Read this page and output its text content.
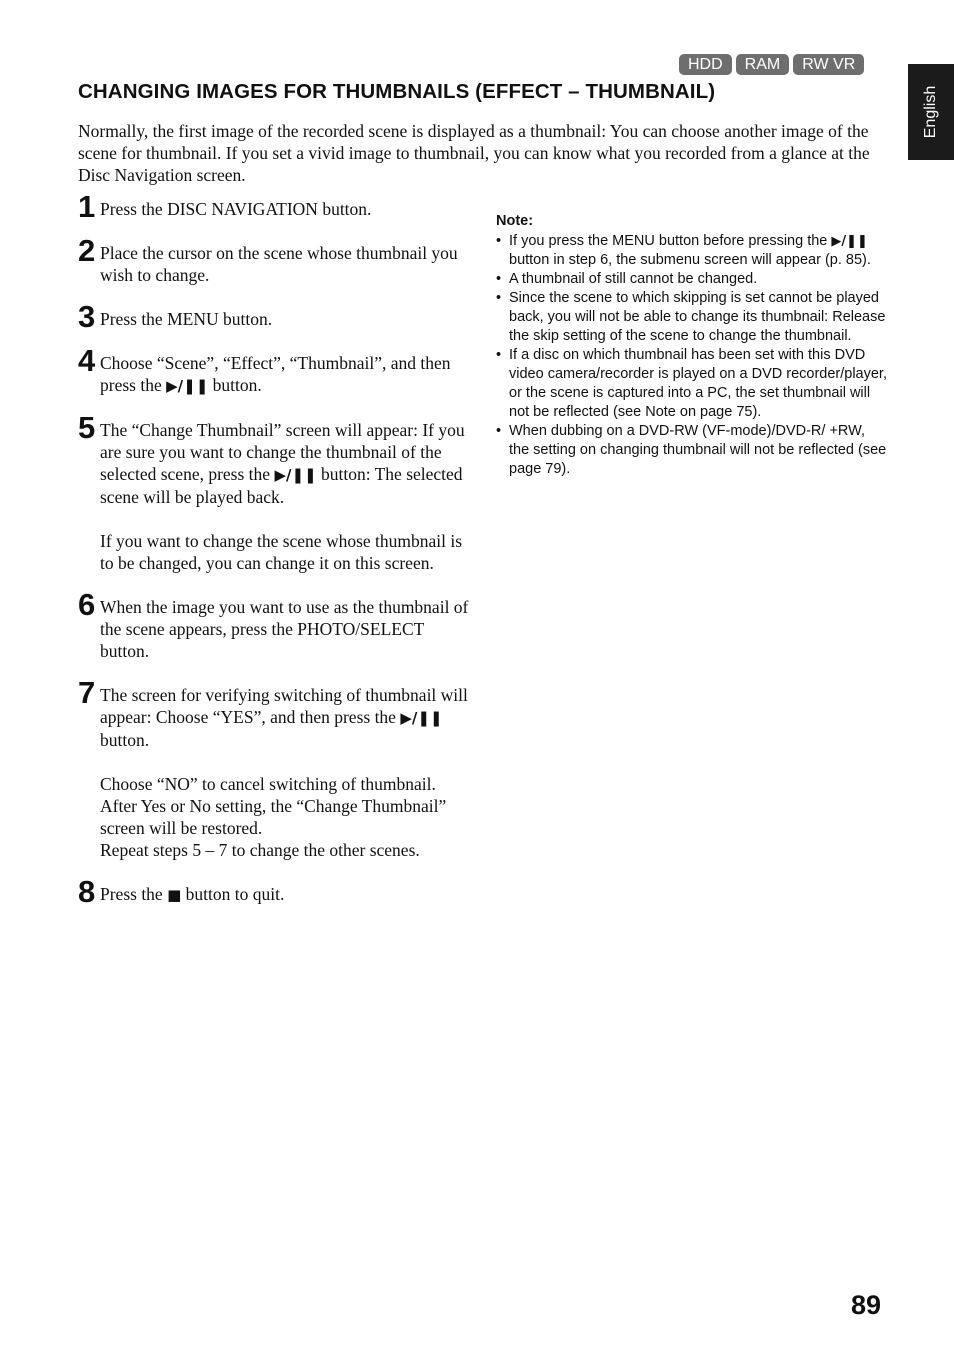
HDD	RAM	RW VR
English
CHANGING IMAGES FOR THUMBNAILS (EFFECT – THUMBNAIL)

Normally, the first image of the recorded scene is displayed as a thumbnail: You can choose another image of the scene for thumbnail. If you set a vivid image to thumbnail, you can know what you recorded from a glance at the Disc Navigation screen.

1 Press the DISC NAVIGATION button.

2 Place the cursor on the scene whose thumbnail you wish to change.

3 Press the MENU button.

4 Choose “Scene”, “Effect”, “Thumbnail”, and then press the ▶/❚❚ button.

5 The “Change Thumbnail” screen will appear: If you are sure you want to change the thumbnail of the selected scene, press the ▶/❚❚ button: The selected scene will be played back.

If you want to change the scene whose thumbnail is to be changed, you can change it on this screen.

6 When the image you want to use as the thumbnail of the scene appears, press the PHOTO/SELECT button.

7 The screen for verifying switching of thumbnail will appear: Choose “YES”, and then press the ▶/❚❚ button.

Choose “NO” to cancel switching of thumbnail.

After Yes or No setting, the “Change Thumbnail” screen will be restored.

Repeat steps 5 – 7 to change the other scenes.

8 Press the ■ button to quit.

Note:

• If you press the MENU button before pressing the ▶/❚❚ button in step 6, the submenu screen will appear (p. 85).
• A thumbnail of still cannot be changed.
• Since the scene to which skipping is set cannot be played back, you will not be able to change its thumbnail: Release the skip setting of the scene to change the thumbnail.
• If a disc on which thumbnail has been set with this DVD video camera/recorder is played on a DVD recorder/player, or the scene is captured into a PC, the set thumbnail will not be reflected (see Note on page 75).
• When dubbing on a DVD-RW (VF-mode)/DVD-R/ +RW, the setting on changing thumbnail will not be reflected (see page 79).
89
